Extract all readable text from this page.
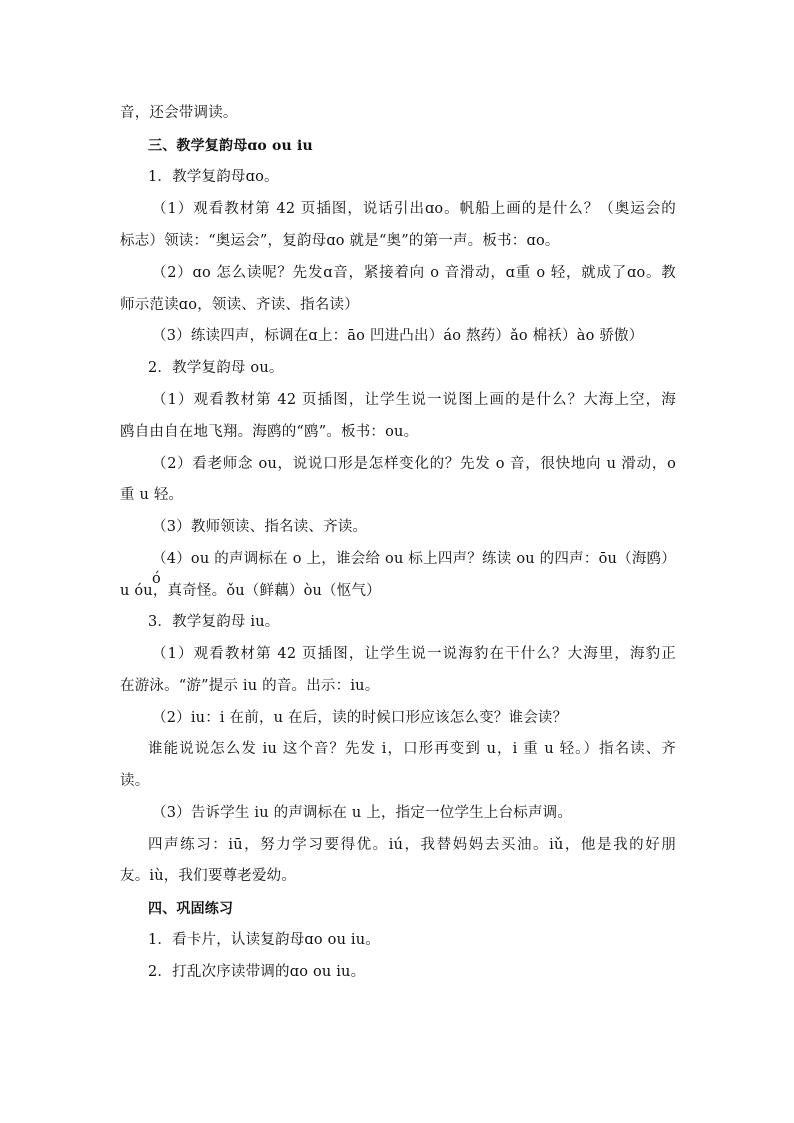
音，还会带调读。
三、教学复韵母ɑo ou iu
1．教学复韵母ɑo。
（1）观看教材第 42 页插图，说话引出ɑo。帆船上画的是什么？（奥运会的
标志）领读：“奥运会”，复韵母ɑo 就是“奥”的第一声。板书：ɑo。
（2）ɑo 怎么读呢？先发ɑ音，紧接着向 o 音滑动，ɑ重 o 轻，就成了ɑo。教
师示范读ɑo，领读、齐读、指名读）
（3）练读四声，标调在ɑ上：āo 凹进凸出）áo 熬药）ǎo 棉袄）ào 骄傲）
2．教学复韵母 ou。
（1）观看教材第 42 页插图，让学生说一说图上画的是什么？大海上空，海
鸥自由自在地飞翔。海鸥的“鸥”。板书：ou。
（2）看老师念 ou，说说口形是怎样变化的？先发 o 音，很快地向 u 滑动，o
重 u 轻。
（3）教师领读、指名读、齐读。
（4）ou 的声调标在 o 上，谁会给 ou 标上四声？练读 ou 的四声：ōu（海鸥）ó
u óu，真奇怪。ǒu（鲜藕）òu（怄气）
3．教学复韵母 iu。
（1）观看教材第 42 页插图，让学生说一说海豹在干什么？大海里，海豹正
在游泳。“游”提示 iu 的音。出示：iu。
（2）iu：i 在前，u 在后，读的时候口形应该怎么变？谁会读？
谁能说说怎么发 iu 这个音？先发 i，口形再变到 u，i 重 u 轻。）指名读、齐
读。
（3）告诉学生 iu 的声调标在 u 上，指定一位学生上台标声调。
四声练习：iū，努力学习要得优。iú，我替妈妈去买油。iǔ，他是我的好朋
友。iù，我们要尊老爱幼。
四、巩固练习
1．看卡片，认读复韵母ɑo ou iu。
2．打乱次序读带调的ɑo ou iu。
